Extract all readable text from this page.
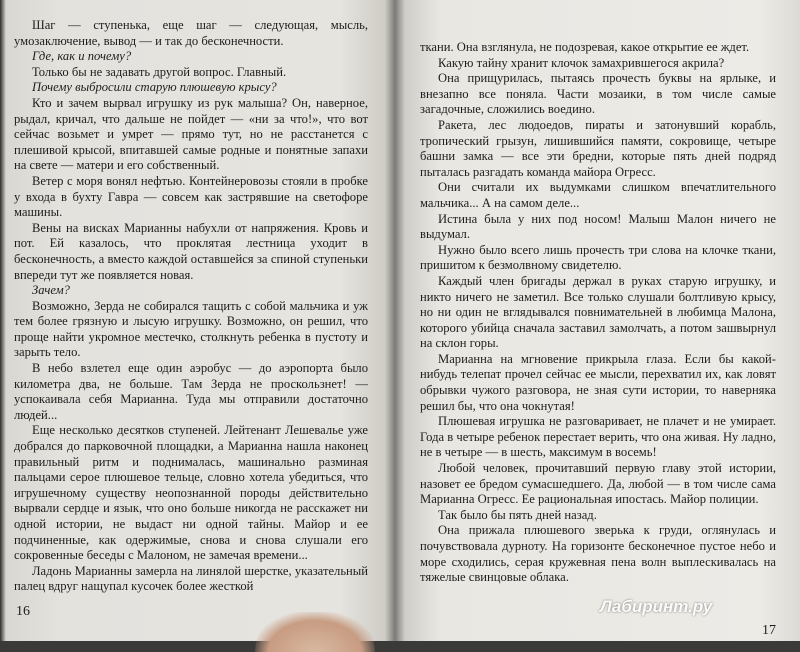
Шаг — ступенька, еще шаг — следующая, мысль, умозаключение, вывод — и так до бесконечности.

Где, как и почему?

Только бы не задавать другой вопрос. Главный.

Почему выбросили старую плюшевую крысу?

Кто и зачем вырвал игрушку из рук малыша? Он, наверное, рыдал, кричал, что дальше не пойдет — «ни за что!», что вот сейчас возьмет и умрет — прямо тут, но не расстанется с плешивой крысой, впитавшей самые родные и понятные запахи на свете — матери и его собственный.

Ветер с моря вонял нефтью. Контейнеровозы стояли в пробке у входа в бухту Гавра — совсем как застрявшие на светофоре машины.

Вены на висках Марианны набухли от напряжения. Кровь и пот. Ей казалось, что проклятая лестница уходит в бесконечность, а вместо каждой оставшейся за спиной ступеньки впереди тут же появляется новая.

Зачем?

Возможно, Зерда не собирался тащить с собой мальчика и уж тем более грязную и лысую игрушку. Возможно, он решил, что проще найти укромное местечко, столкнуть ребенка в пустоту и зарыть тело.

В небо взлетел еще один аэробус — до аэропорта было километра два, не больше. Там Зерда не проскользнет! — успокаивала себя Марианна. Туда мы отправили достаточно людей...

Еще несколько десятков ступеней. Лейтенант Лешевалье уже добрался до парковочной площадки, а Марианна нашла наконец правильный ритм и поднималась, машинально разминая пальцами серое плюшевое тельце, словно хотела убедиться, что игрушечному существу неопознанной породы действительно вырвали сердце и язык, что оно больше никогда не расскажет ни одной истории, не выдаст ни одной тайны. Майор и ее подчиненные, как одержимые, снова и снова слушали его сокровенные беседы с Малоном, не замечая времени...

Ладонь Марианны замерла на линялой шерстке, указательный палец вдруг нащупал кусочек более жесткой

16

ткани. Она взглянула, не подозревая, какое открытие ее ждет.

Какую тайну хранит клочок замахрившегося акрила?

Она прищурилась, пытаясь прочесть буквы на ярлыке, и внезапно все поняла. Части мозаики, в том числе самые загадочные, сложились воедино.

Ракета, лес людоедов, пираты и затонувший корабль, тропический грызун, лишившийся памяти, сокровище, четыре башни замка — все эти бредни, которые пять дней подряд пыталась разгадать команда майора Огресс.

Они считали их выдумками слишком впечатлительного мальчика... А на самом деле...

Истина была у них под носом! Малыш Малон ничего не выдумал.

Нужно было всего лишь прочесть три слова на клочке ткани, пришитом к безмолвному свидетелю.

Каждый член бригады держал в руках старую игрушку, и никто ничего не заметил. Все только слушали болтливую крысу, но ни один не вглядывался повнимательней в любимца Малона, которого убийца сначала заставил замолчать, а потом зашвырнул на склон горы.

Марианна на мгновение прикрыла глаза. Если бы какой-нибудь телепат прочел сейчас ее мысли, перехватил их, как ловят обрывки чужого разговора, не зная сути истории, то наверняка решил бы, что она чокнутая!

Плюшевая игрушка не разговаривает, не плачет и не умирает. Года в четыре ребенок перестает верить, что она живая. Ну ладно, не в четыре — в шесть, максимум в восемь!

Любой человек, прочитавший первую главу этой истории, назовет ее бредом сумасшедшего. Да, любой — в том числе сама Марианна Огресс. Ее рациональная ипостась. Майор полиции.

Так было бы пять дней назад.

Она прижала плюшевого зверька к груди, оглянулась и почувствовала дурноту. На горизонте бесконечное пустое небо и море сходились, серая кружевная пена волн выплескивалась на тяжелые свинцовые облака.

17
Лабиринт.ру
